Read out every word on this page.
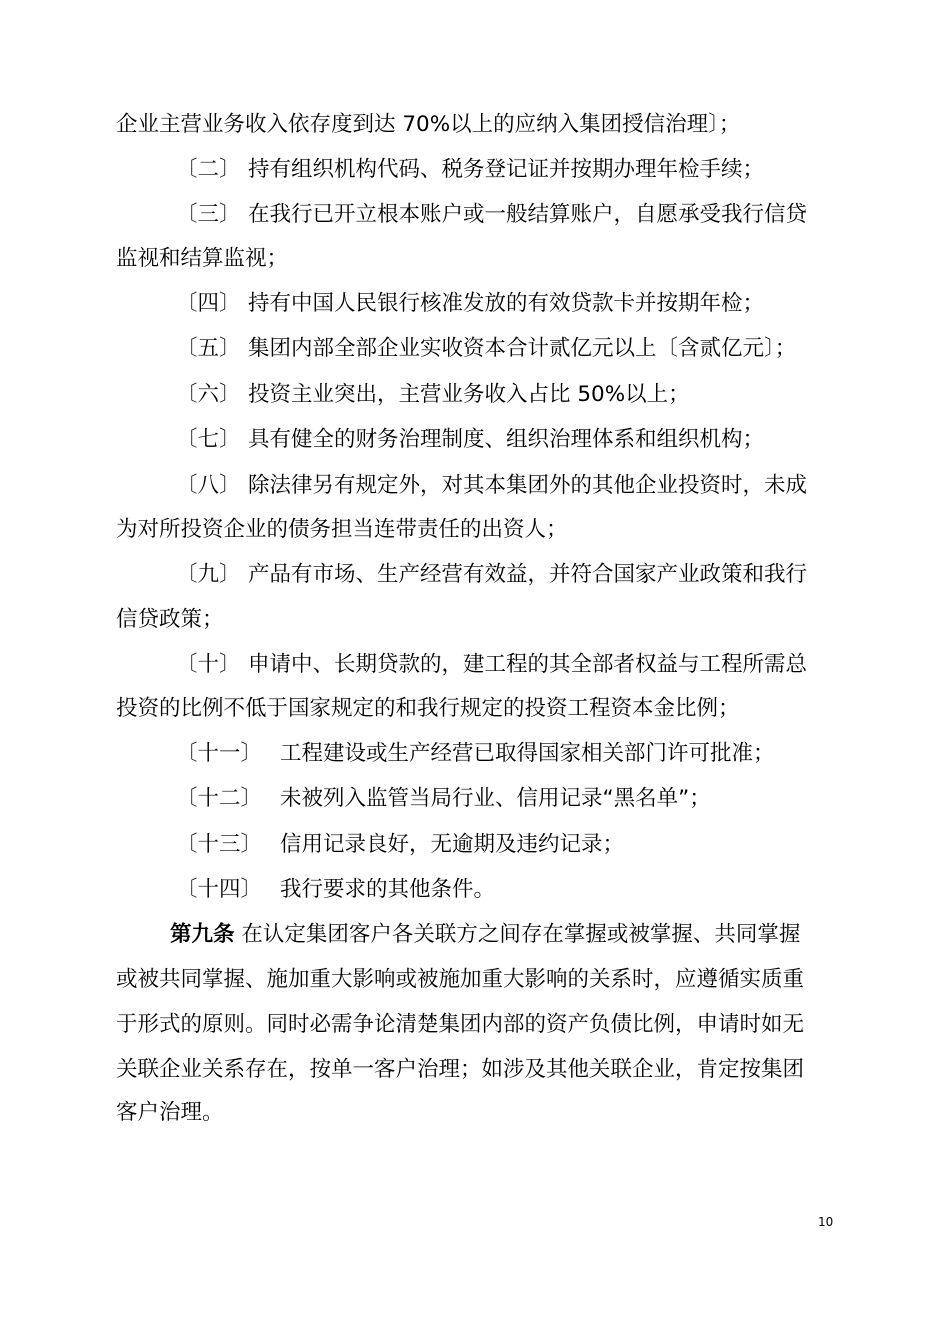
企业主营业务收入依存度到达 70%以上的应纳入集团授信治理〕；
〔二〕 持有组织机构代码、税务登记证并按期办理年检手续；
〔三〕 在我行已开立根本账户或一般结算账户，自愿承受我行信贷
监视和结算监视；
〔四〕 持有中国人民银行核准发放的有效贷款卡并按期年检；
〔五〕 集团内部全部企业实收资本合计贰亿元以上〔含贰亿元〕；
〔六〕 投资主业突出，主营业务收入占比 50%以上；
〔七〕 具有健全的财务治理制度、组织治理体系和组织机构；
〔八〕 除法律另有规定外，对其本集团外的其他企业投资时，未成
为对所投资企业的债务担当连带责任的出资人；
〔九〕 产品有市场、生产经营有效益，并符合国家产业政策和我行
信贷政策；
〔十〕 申请中、长期贷款的，建工程的其全部者权益与工程所需总
投资的比例不低于国家规定的和我行规定的投资工程资本金比例；
〔十一〕 工程建设或生产经营已取得国家相关部门许可批准；
〔十二〕 未被列入监管当局行业、信用记录“黑名单”；
〔十三〕 信用记录良好，无逾期及违约记录；
〔十四〕 我行要求的其他条件。
第九条 在认定集团客户各关联方之间存在掌握或被掌握、共同掌握
或被共同掌握、施加重大影响或被施加重大影响的关系时，应遵循实质重
于形式的原则。同时必需争论清楚集团内部的资产负债比例，申请时如无
关联企业关系存在，按单一客户治理；如涉及其他关联企业，肯定按集团
客户治理。
10
